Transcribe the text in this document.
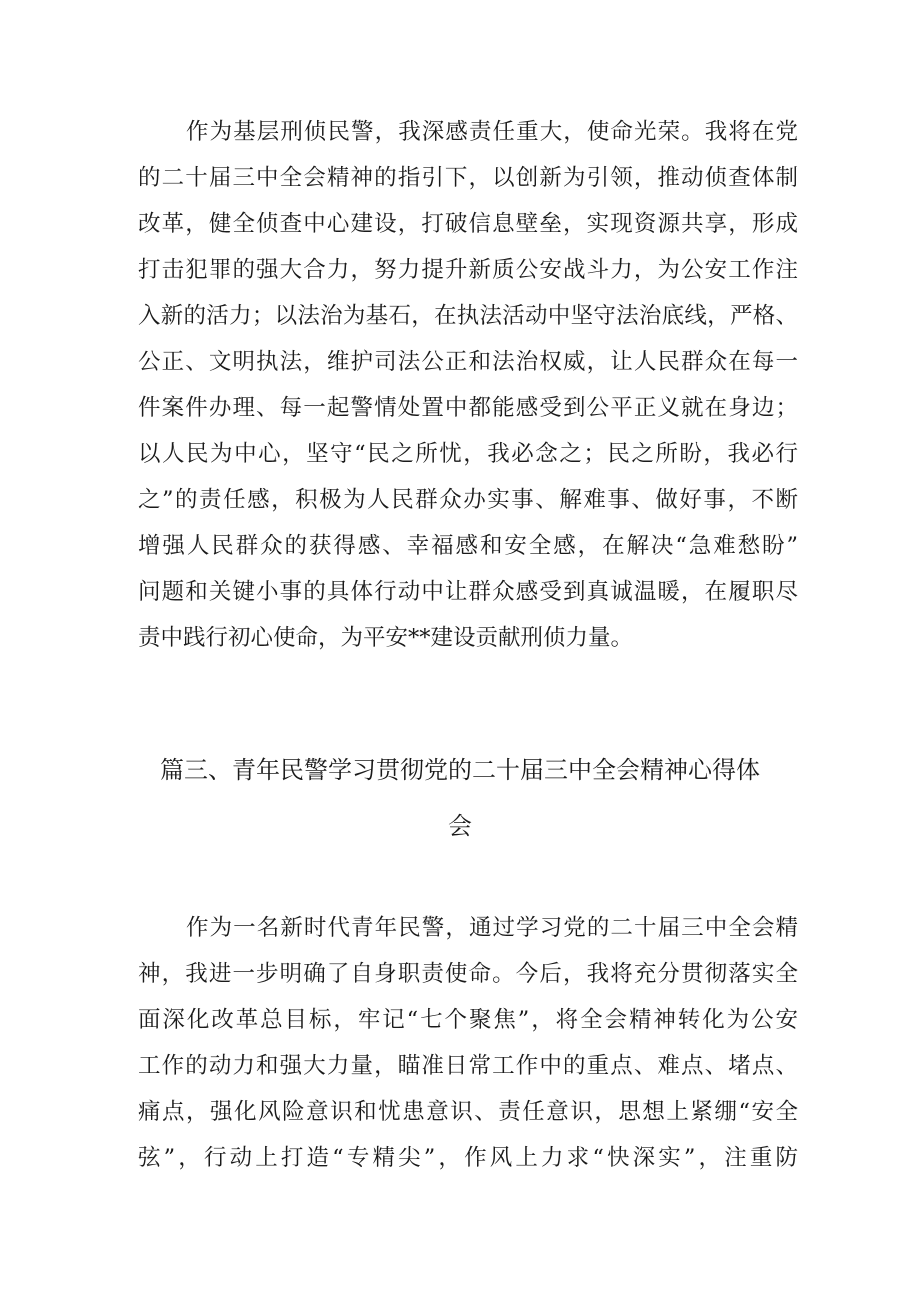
作为基层刑侦民警，我深感责任重大，使命光荣。我将在党
的二十届三中全会精神的指引下，以创新为引领，推动侦查体制
改革，健全侦查中心建设，打破信息壁垒，实现资源共享，形成
打击犯罪的强大合力，努力提升新质公安战斗力，为公安工作注
入新的活力；以法治为基石，在执法活动中坚守法治底线，严格、
公正、文明执法，维护司法公正和法治权威，让人民群众在每一
件案件办理、每一起警情处置中都能感受到公平正义就在身边；
以人民为中心，坚守“民之所忧，我必念之；民之所盼，我必行
之”的责任感，积极为人民群众办实事、解难事、做好事，不断
增强人民群众的获得感、幸福感和安全感，在解决“急难愁盼”
问题和关键小事的具体行动中让群众感受到真诚温暖，在履职尽
责中践行初心使命，为平安**建设贡献刑侦力量。
篇三、青年民警学习贯彻党的二十届三中全会精神心得体
会
作为一名新时代青年民警，通过学习党的二十届三中全会精
神，我进一步明确了自身职责使命。今后，我将充分贯彻落实全
面深化改革总目标，牢记“七个聚焦”，将全会精神转化为公安
工作的动力和强大力量，瞄准日常工作中的重点、难点、堵点、
痛点，强化风险意识和忧患意识、责任意识，思想上紧绷“安全
弦”，行动上打造“专精尖”，作风上力求“快深实”，注重防
